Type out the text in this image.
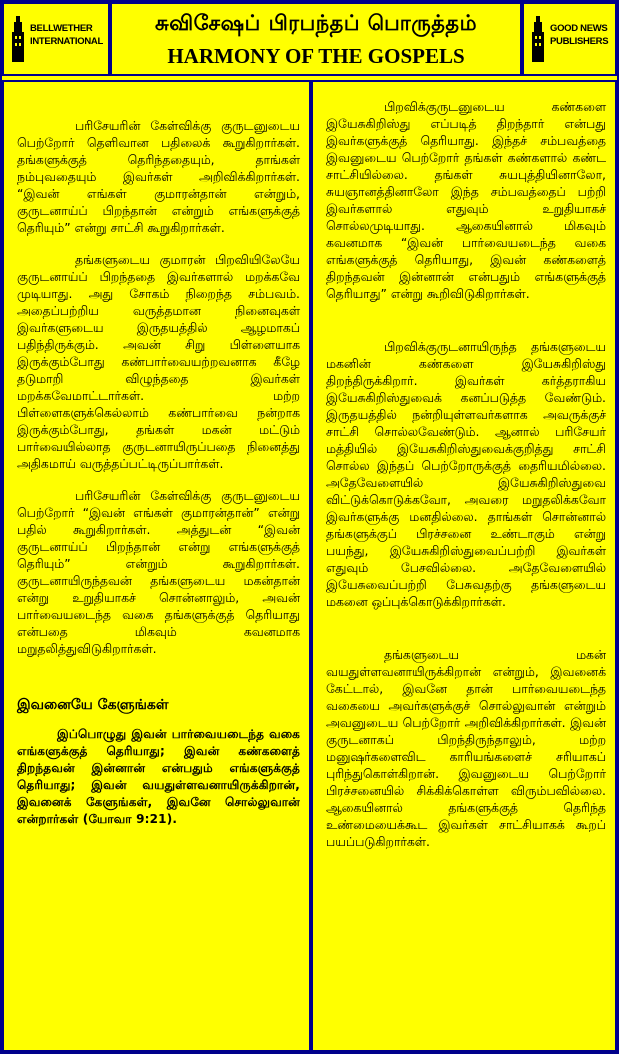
BELLWETHER
INTERNATIONAL
சுவிசேஷப் பிரபந்தப் பொருத்தம்
HARMONY OF THE GOSPELS
GOOD NEWS
PUBLISHERS

பரிசேயரின் கேள்விக்கு குருடனுடைய பெற்றோர் தெளிவான பதிலைக் கூறுகிறார்கள். தங்களுக்குத் தெரிந்ததையும், தாங்கள் நம்புவதையும் இவர்கள் அறிவிக்கிறார்கள். “இவன் எங்கள் குமாரன்தான் என்றும், குருடனாய்ப் பிறந்தான் என்றும் எங்களுக்குத் தெரியும்” என்று சாட்சி கூறுகிறார்கள்.

தங்களுடைய குமாரன் பிறவியிலேயே குருடனாய்ப் பிறந்ததை இவர்களால் மறக்கவே முடியாது. அது சோகம் நிறைந்த சம்பவம். அதைப்பற்றிய வருத்தமான நினைவுகள் இவர்களுடைய இருதயத்தில் ஆழமாகப் பதிந்திருக்கும். அவன் சிறு பிள்ளையாக இருக்கும்போது கண்பார்வையற்றவனாக கீழே தடுமாறி விழுந்ததை இவர்கள் மறக்கவேமாட்டார்கள். மற்ற பிள்ளைகளுக்கெல்லாம் கண்பார்வை நன்றாக இருக்கும்போது, தங்கள் மகன் மட்டும் பார்வையில்லாத குருடனாயிருப்பதை நினைத்து அதிகமாய் வருத்தப்பட்டிருப்பார்கள்.

பரிசேயரின் கேள்விக்கு குருடனுடைய பெற்றோர் “இவன் எங்கள் குமாரன்தான்” என்று பதில் கூறுகிறார்கள். அத்துடன் “இவன் குருடனாய்ப் பிறந்தான் என்று எங்களுக்குத் தெரியும்” என்றும் கூறுகிறார்கள். குருடனாயிருந்தவன் தங்களுடைய மகன்தான் என்று உறுதியாகச் சொன்னாலும், அவன் பார்வையடைந்த வகை தங்களுக்குத் தெரியாது என்பதை மிகவும் கவனமாக மறுதலித்துவிடுகிறார்கள்.

இவனையே கேளுங்கள்

இப்பொழுது இவன் பார்வையடைந்த வகை எங்களுக்குத் தெரியாது; இவன் கண்களைத் திறந்தவன் இன்னான் என்பதும் எங்களுக்குத் தெரியாது; இவன் வயதுள்ளவனாயிருக்கிறான், இவனைக் கேளுங்கள், இவனே சொல்லுவான் என்றார்கள் (யோவா 9:21).

பிறவிக்குருடனுடைய கண்களை இயேசுகிறிஸ்து எப்படித் திறந்தார் என்பது இவர்களுக்குத் தெரியாது. இந்தச் சம்பவத்தை இவனுடைய பெற்றோர் தங்கள் கண்களால் கண்ட சாட்சியில்லை. தங்கள் சுயபுத்தியினாலோ, சுயஞானத்தினாலோ இந்த சம்பவத்தைப் பற்றி இவர்களால் எதுவும் உறுதியாகச் சொல்லமுடியாது. ஆகையினால் மிகவும் கவனமாக “இவன் பார்வையடைந்த வகை எங்களுக்குத் தெரியாது, இவன் கண்களைத் திறந்தவன் இன்னான் என்பதும் எங்களுக்குத் தெரியாது” என்று கூறிவிடுகிறார்கள்.

பிறவிக்குருடனாயிருந்த தங்களுடைய மகனின் கண்களை இயேசுகிறிஸ்து திறந்திருக்கிறார். இவர்கள் கர்த்தராகிய இயேசுகிறிஸ்துவைக் கனப்படுத்த வேண்டும். இருதயத்தில் நன்றியுள்ளவர்களாக அவருக்குச் சாட்சி சொல்லவேண்டும். ஆனால் பரிசேயர் மத்தியில் இயேசுகிறிஸ்துவைக்குறித்து சாட்சி சொல்ல இந்தப் பெற்றோருக்குத் தைரியமில்லை. அதேவேளையில் இயேசுகிறிஸ்துவை விட்டுக்கொடுக்கவோ, அவரை மறுதலிக்கவோ இவர்களுக்கு மனதில்லை. தாங்கள் சொன்னால் தங்களுக்குப் பிரச்சனை உண்டாகும் என்று பயந்து, இயேசுகிறிஸ்துவைப்பற்றி இவர்கள் எதுவும் பேசவில்லை. அதேவேளையில் இயேசுவைப்பற்றி பேசுவதற்கு தங்களுடைய மகனை ஒப்புக்கொடுக்கிறார்கள்.

தங்களுடைய மகன் வயதுள்ளவனாயிருக்கிறான் என்றும், இவனைக் கேட்டால், இவனே தான் பார்வையடைந்த வகையை அவர்களுக்குச் சொல்லுவான் என்றும் அவனுடைய பெற்றோர் அறிவிக்கிறார்கள். இவன் குருடனாகப் பிறந்திருந்தாலும், மற்ற மனுஷர்களைவிட காரியங்களைச் சரியாகப் புரிந்துகொள்கிறான். இவனுடைய பெற்றோர் பிரச்சனையில் சிக்கிக்கொள்ள விரும்பவில்லை. ஆகையினால் தங்களுக்குத் தெரிந்த உண்மையைக்கூட இவர்கள் சாட்சியாகக் கூறப் பயப்படுகிறார்கள்.
